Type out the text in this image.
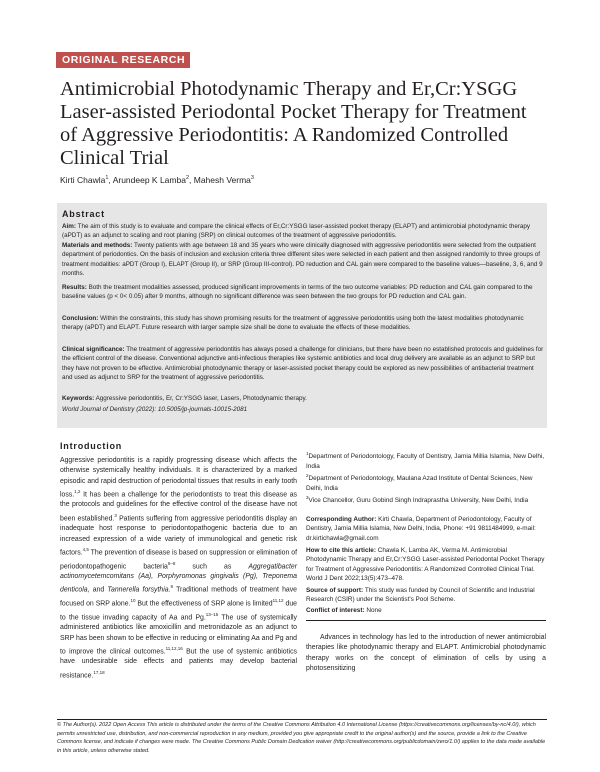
ORIGINAL RESEARCH
Antimicrobial Photodynamic Therapy and Er,Cr:YSGG
Laser-assisted Periodontal Pocket Therapy for Treatment
of Aggressive Periodontitis: A Randomized Controlled
Clinical Trial
Kirti Chawla$^1$, Arundeep K Lamba$^2$, Mahesh Verma$^3$
Abstract
Aim: The aim of this study is to evaluate and compare the clinical effects of Er,Cr:YSGG laser-assisted pocket therapy (ELAPT) and antimicrobial photodynamic therapy (aPDT) as an adjunct to scaling and root planing (SRP) on clinical outcomes of the treatment of aggressive periodontitis.
Materials and methods: Twenty patients with age between 18 and 35 years who were clinically diagnosed with aggressive periodontitis were selected from the outpatient department of periodontics. On the basis of inclusion and exclusion criteria three different sites were selected in each patient and then assigned randomly to three groups of treatment modalities: aPDT (Group I), ELAPT (Group II), or SRP (Group III-control). PD reduction and CAL gain were compared to the baseline values—baseline, 3, 6, and 9 months.
Results: Both the treatment modalities assessed, produced significant improvements in terms of the two outcome variables: PD reduction and CAL gain compared to the baseline values (p < 0< 0.05) after 9 months, although no significant difference was seen between the two groups for PD reduction and CAL gain.
Conclusion: Within the constraints, this study has shown promising results for the treatment of aggressive periodontitis using both the latest modalities photodynamic therapy (aPDT) and ELAPT. Future research with larger sample size shall be done to evaluate the effects of these modalities.
Clinical significance: The treatment of aggressive periodontitis has always posed a challenge for clinicians, but there have been no established protocols and guidelines for the efficient control of the disease. Conventional adjunctive anti-infectious therapies like systemic antibiotics and local drug delivery are available as an adjunct to SRP but they have not proven to be effective. Antimicrobial photodynamic therapy or laser-assisted pocket therapy could be explored as new possibilities of antibacterial treatment and used as adjunct to SRP for the treatment of aggressive periodontitis.
Keywords: Aggressive periodontitis, Er, Cr:YSGG laser, Lasers, Photodynamic therapy.
World Journal of Dentistry (2022): 10.5005/jp-journals-10015-2081
Introduction
Aggressive periodontitis is a rapidly progressing disease which affects the otherwise systemically healthy individuals. It is characterized by a marked episodic and rapid destruction of periodontal tissues that results in early tooth loss.$^{1,2}$ It has been a challenge for the periodontists to treat this disease as the protocols and guidelines for the effective control of the disease have not been established.$^3$ Patients suffering from aggressive periodontitis display an inadequate host response to periodontopathogenic bacteria due to an increased expression of a wide variety of immunological and genetic risk factors.$^{4,5}$ The prevention of disease is based on suppression or elimination of periodontopathogenic bacteria$^{6-8}$ such as Aggregatibacter actinomycetemcomitans (Aa), Porphyromonas gingivalis (Pg), Treponema denticola, and Tannerella forsythia.$^9$ Traditional methods of treatment have focused on SRP alone.$^{10}$ But the effectiveness of SRP alone is limited$^{11,12}$ due to the tissue invading capacity of Aa and Pg.$^{13-15}$ The use of systemically administered antibiotics like amoxicillin and metronidazole as an adjunct to SRP has been shown to be effective in reducing or eliminating Aa and Pg and to improve the clinical outcomes.$^{11,12,16}$ But the use of systemic antibiotics have undesirable side effects and patients may develop bacterial resistance.$^{17,18}$
$^1$Department of Periodontology, Faculty of Dentistry, Jamia Millia Islamia, New Delhi, India
$^2$Department of Periodontology, Maulana Azad Institute of Dental Sciences, New Delhi, India
$^3$Vice Chancellor, Guru Gobind Singh Indraprastha University, New Delhi, India
Corresponding Author: Kirti Chawla, Department of Periodontology, Faculty of Dentistry, Jamia Millia Islamia, New Delhi, India, Phone: +91 9811484999, e-mail: dr.kirtichawla@gmail.com
How to cite this article: Chawla K, Lamba AK, Verma M. Antimicrobial Photodynamic Therapy and Er,Cr:YSGG Laser-assisted Periodontal Pocket Therapy for Treatment of Aggressive Periodontitis: A Randomized Controlled Clinical Trial. World J Dent 2022;13(5):473–478.
Source of support: This study was funded by Council of Scientific and Industrial Research (CSIR) under the Scientist's Pool Scheme.
Conflict of interest: None
Advances in technology has led to the introduction of newer antimicrobial therapies like photodynamic therapy and ELAPT. Antimicrobial photodynamic therapy works on the concept of elimination of cells by using a photosensitizing
© The Author(s). 2022 Open Access This article is distributed under the terms of the Creative Commons Attribution 4.0 International License (https://creativecommons.org/licenses/by-nc/4.0/), which permits unrestricted use, distribution, and non-commercial reproduction in any medium, provided you give appropriate credit to the original author(s) and the source, provide a link to the Creative Commons license, and indicate if changes were made. The Creative Commons Public Domain Dedication waiver (http://creativecommons.org/publicdomain/zero/1.0/) applies to the data made available in this article, unless otherwise stated.
